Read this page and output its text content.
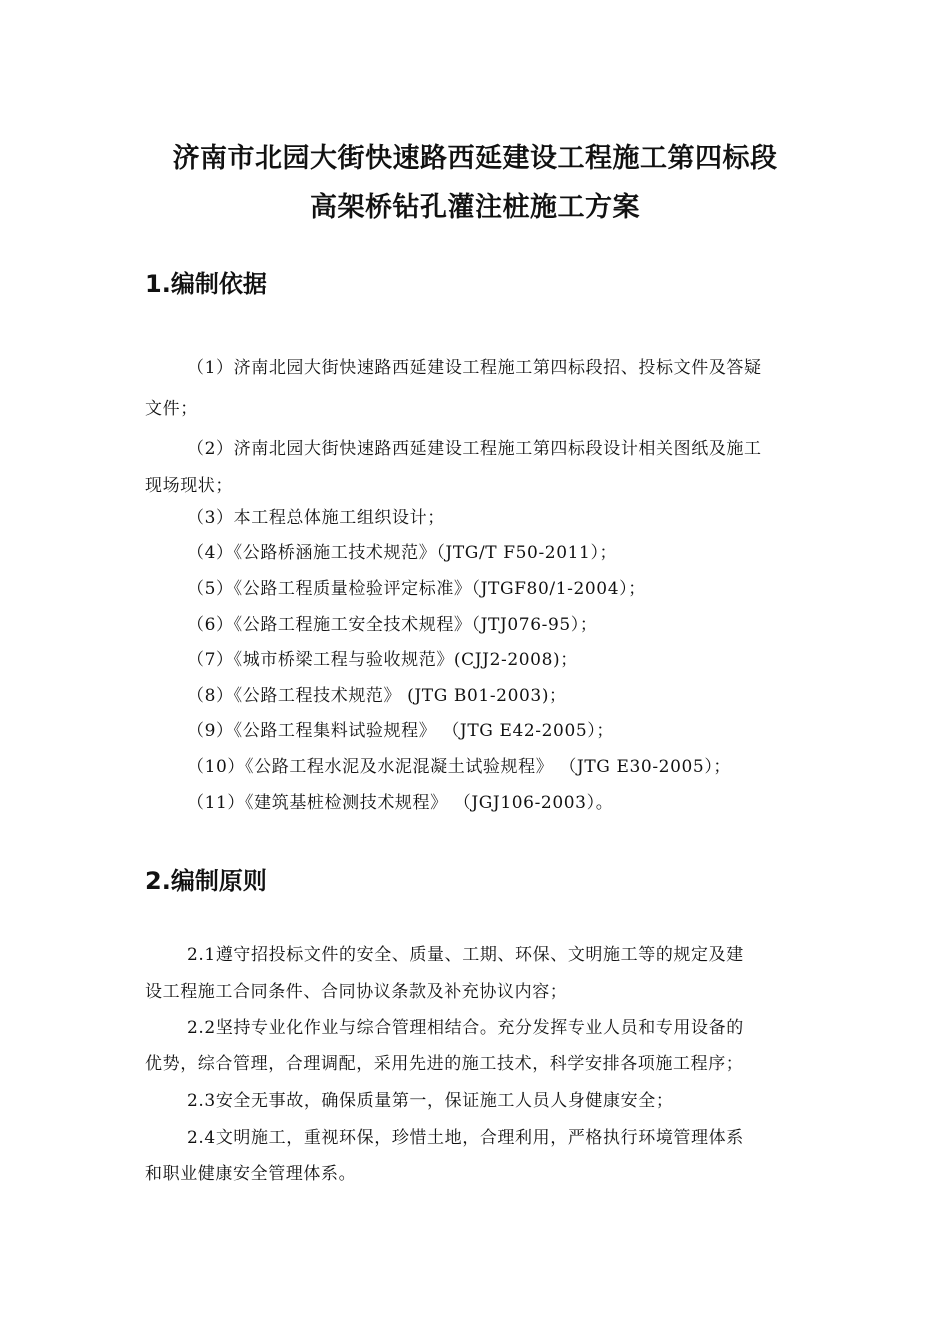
济南市北园大街快速路西延建设工程施工第四标段
高架桥钻孔灌注桩施工方案
1.编制依据
（1）济南北园大街快速路西延建设工程施工第四标段招、投标文件及答疑
文件；
（2）济南北园大街快速路西延建设工程施工第四标段设计相关图纸及施工
现场现状；
（3）本工程总体施工组织设计；
（4）《公路桥涵施工技术规范》（JTG/T F50-2011）；
（5）《公路工程质量检验评定标准》（JTGF80/1-2004）；
（6）《公路工程施工安全技术规程》（JTJ076-95）；
（7）《城市桥梁工程与验收规范》(CJJ2-2008)；
（8）《公路工程技术规范》 (JTG B01-2003)；
（9）《公路工程集料试验规程》 （JTG E42-2005）；
（10）《公路工程水泥及水泥混凝土试验规程》 （JTG E30-2005）；
（11）《建筑基桩检测技术规程》 （JGJ106-2003）。
2.编制原则
2.1遵守招投标文件的安全、质量、工期、环保、文明施工等的规定及建
设工程施工合同条件、合同协议条款及补充协议内容；
2.2坚持专业化作业与综合管理相结合。充分发挥专业人员和专用设备的
优势，综合管理，合理调配，采用先进的施工技术，科学安排各项施工程序；
2.3安全无事故，确保质量第一，保证施工人员人身健康安全；
2.4文明施工，重视环保，珍惜土地，合理利用，严格执行环境管理体系
和职业健康安全管理体系。
